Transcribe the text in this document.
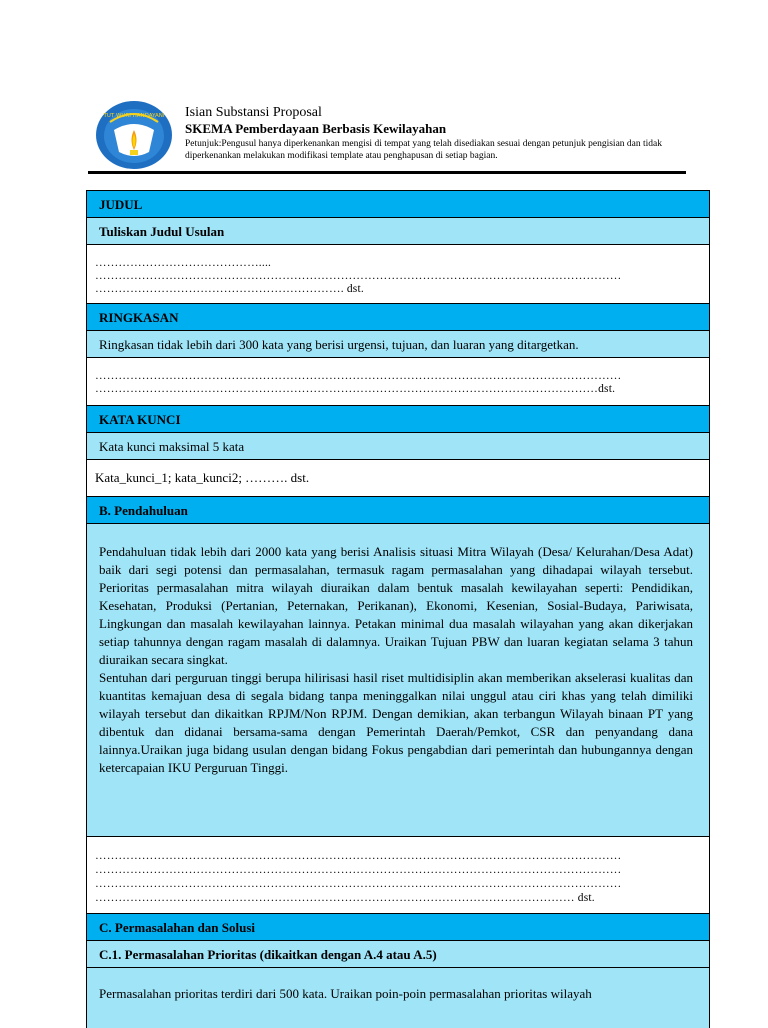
TUT WURI HANDAYANI Isian Substansi Proposal
SKEMA Pemberdayaan Berbasis Kewilayahan
Petunjuk:Pengusul hanya diperkenankan mengisi di tempat yang telah disediakan sesuai dengan petunjuk pengisian dan tidak diperkenankan melakukan modifikasi template atau penghapusan di setiap bagian.
JUDUL
Tuliskan Judul Usulan
……………………………………....
………………………………………………………………………………………………………………………
………………………………………………………. dst.
RINGKASAN
Ringkasan tidak lebih dari 300 kata yang berisi urgensi, tujuan, dan luaran yang ditargetkan.
………………………………………………………………………………………………………………………
…………………………………………………………………………………………………………………dst.
KATA KUNCI
Kata kunci maksimal 5 kata
Kata_kunci_1; kata_kunci2; ………. dst.
B. Pendahuluan

Pendahuluan tidak lebih dari 2000 kata yang berisi Analisis situasi Mitra Wilayah (Desa/ Kelurahan/Desa Adat) baik dari segi potensi dan permasalahan, termasuk ragam permasalahan yang dihadapai wilayah tersebut. Perioritas permasalahan mitra wilayah diuraikan dalam bentuk masalah kewilayahan seperti: Pendidikan, Kesehatan, Produksi (Pertanian, Peternakan, Perikanan), Ekonomi, Kesenian, Sosial-Budaya, Pariwisata, Lingkungan dan masalah kewilayahan lainnya. Petakan minimal dua masalah wilayahan yang akan dikerjakan setiap tahunnya dengan ragam masalah di dalamnya. Uraikan Tujuan PBW dan luaran kegiatan selama 3 tahun diuraikan secara singkat.

Sentuhan dari perguruan tinggi berupa hilirisasi hasil riset multidisiplin akan memberikan akselerasi kualitas dan kuantitas kemajuan desa di segala bidang tanpa meninggalkan nilai unggul atau ciri khas yang telah dimiliki wilayah tersebut dan dikaitkan RPJM/Non RPJM. Dengan demikian, akan terbangun Wilayah binaan PT yang dibentuk dan didanai bersama-sama dengan Pemerintah Daerah/Pemkot, CSR dan penyandang dana lainnya.Uraikan juga bidang usulan dengan bidang Fokus pengabdian dari pemerintah dan hubungannya dengan ketercapaian IKU Perguruan Tinggi.

………………………………………………………………………………………………………………………
………………………………………………………………………………………………………………………
………………………………………………………………………………………………………………………
…………………………………………………………………………………………………………… dst.
C. Permasalahan dan Solusi
C.1. Permasalahan Prioritas (dikaitkan dengan A.4 atau A.5)
Permasalahan prioritas terdiri dari 500 kata. Uraikan poin-poin permasalahan prioritas wilayah
